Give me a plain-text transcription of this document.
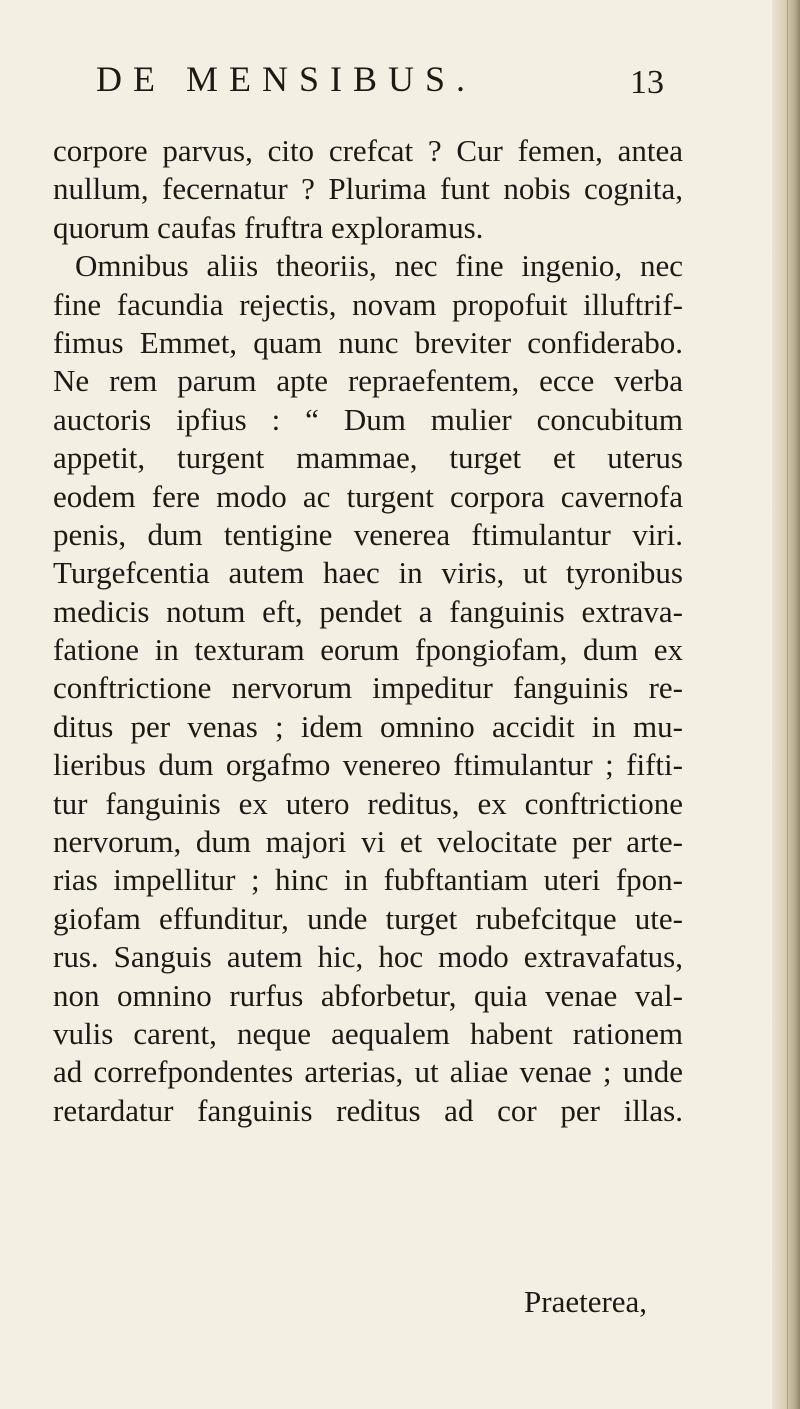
DE MENSIBUS.	13
corpore parvus, cito crefcat ? Cur femen, antea
nullum, fecernatur ? Plurima funt nobis cognita,
quorum caufas fruftra exploramus.
Omnibus aliis theoriis, nec fine ingenio, nec
fine facundia rejectis, novam propofuit illuftrif-
fimus Emmet, quam nunc breviter confiderabo.
Ne rem parum apte repraefentem, ecce verba
auctoris ipfius : “ Dum mulier concubitum
appetit, turgent mammae, turget et uterus
eodem fere modo ac turgent corpora cavernofa
penis, dum tentigine venerea ftimulantur viri.
Turgefcentia autem haec in viris, ut tyronibus
medicis notum eft, pendet a fanguinis extrava-
fatione in texturam eorum fpongiofam, dum ex
conftrictione nervorum impeditur fanguinis re-
ditus per venas ; idem omnino accidit in mu-
lieribus dum orgafmo venereo ftimulantur ; fifti-
tur fanguinis ex utero reditus, ex conftrictione
nervorum, dum majori vi et velocitate per arte-
rias impellitur ; hinc in fubftantiam uteri fpon-
giofam effunditur, unde turget rubefcitque ute-
rus. Sanguis autem hic, hoc modo extravafatus,
non omnino rurfus abforbetur, quia venae val-
vulis carent, neque aequalem habent rationem
ad correfpondentes arterias, ut aliae venae ; unde
retardatur fanguinis reditus ad cor per illas.
Praeterea,
